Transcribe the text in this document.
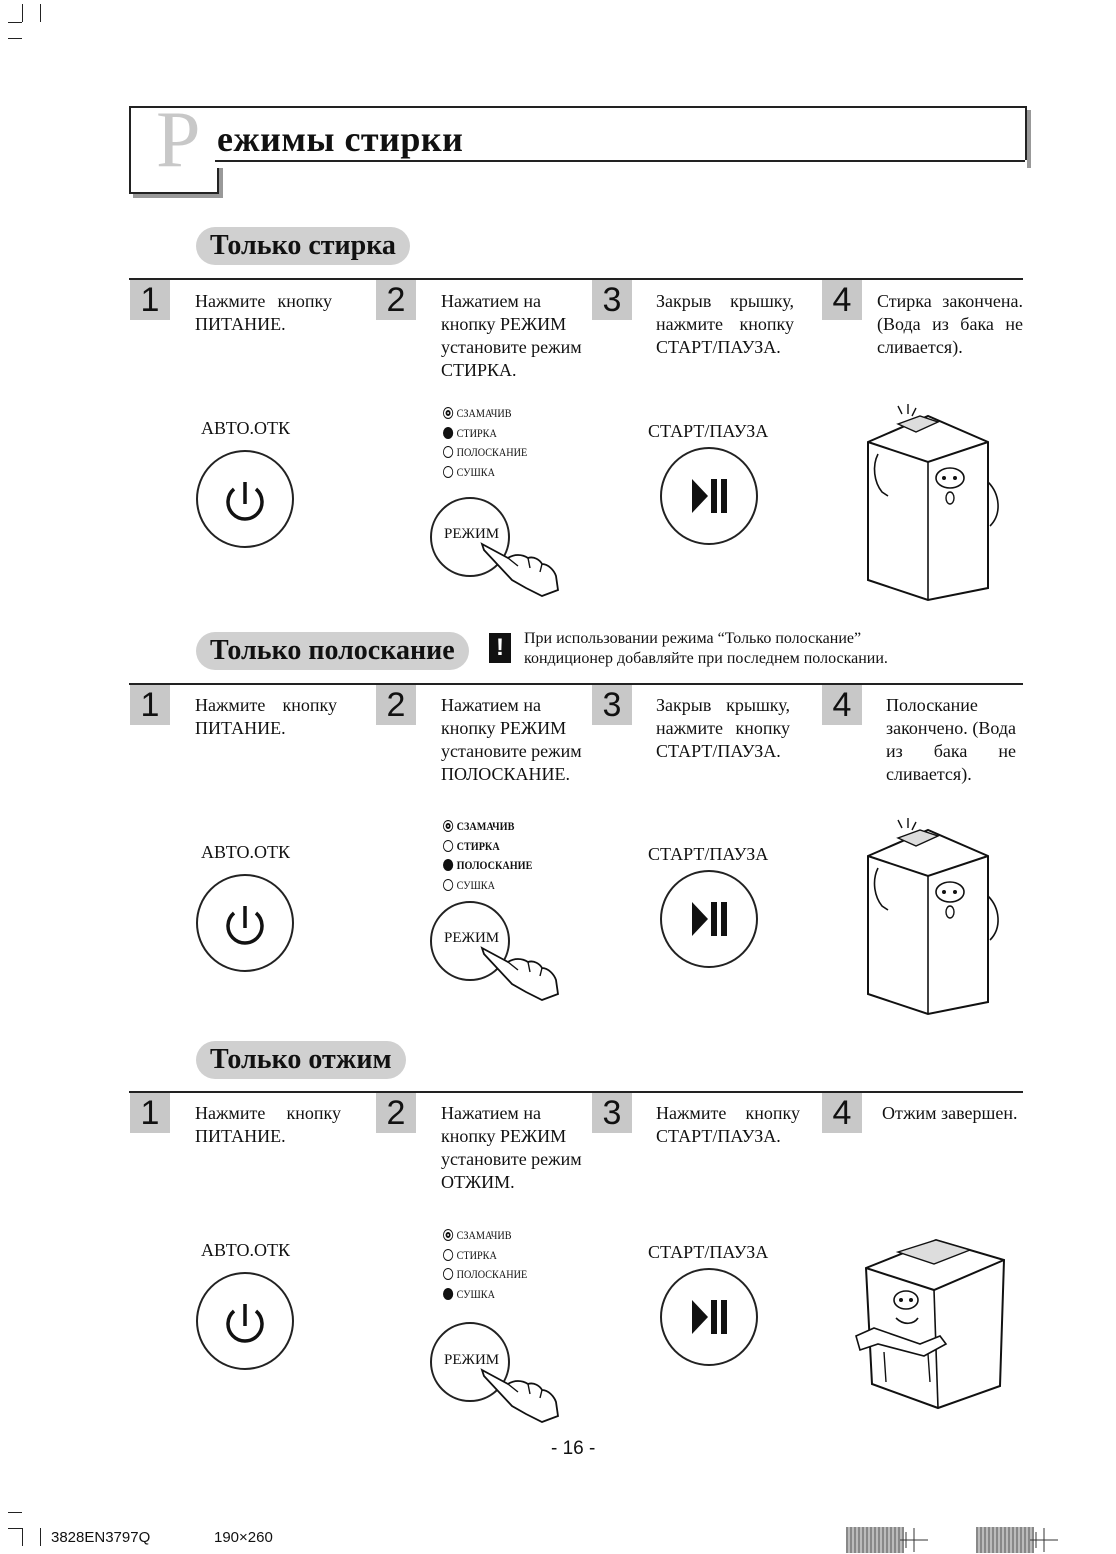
Р ежимы стирки
Только стирка
1	Нажмите кнопку ПИТАНИЕ.
2	Нажатием на кнопку РЕЖИМ установите режим СТИРКА.
3	Закрыв крышку, нажмите кнопку СТАРТ/ПАУЗА.
4	Стирка закончена. (Вода из бака не сливается).
АВТО.ОТК
СЗАМАЧИВ
СТИРКА
ПОЛОСКАНИЕ
СУШКА
РЕЖИМ
СТАРТ/ПАУЗА
Только полоскание	!	При использовании режима “Только полоскание” кондиционер добавляйте при последнем полоскании.
1	Нажмите кнопку ПИТАНИЕ.
2	Нажатием на кнопку РЕЖИМ установите режим ПОЛОСКАНИЕ.
3	Закрыв крышку, нажмите кнопку СТАРТ/ПАУЗА.
4	Полоскание закончено. (Вода из бака не сливается).
АВТО.ОТК
СЗАМАЧИВ
СТИРКА
ПОЛОСКАНИЕ
СУШКА
РЕЖИМ
СТАРТ/ПАУЗА
Только отжим
1	Нажмите кнопку ПИТАНИЕ.
2	Нажатием на кнопку РЕЖИМ установите режим ОТЖИМ.
3	Нажмите кнопку СТАРТ/ПАУЗА.
4	Отжим завершен.
АВТО.ОТК
СЗАМАЧИВ
СТИРКА
ПОЛОСКАНИЕ
СУШКА
РЕЖИМ
СТАРТ/ПАУЗА
- 16 -
3828EN3797Q	190×260
